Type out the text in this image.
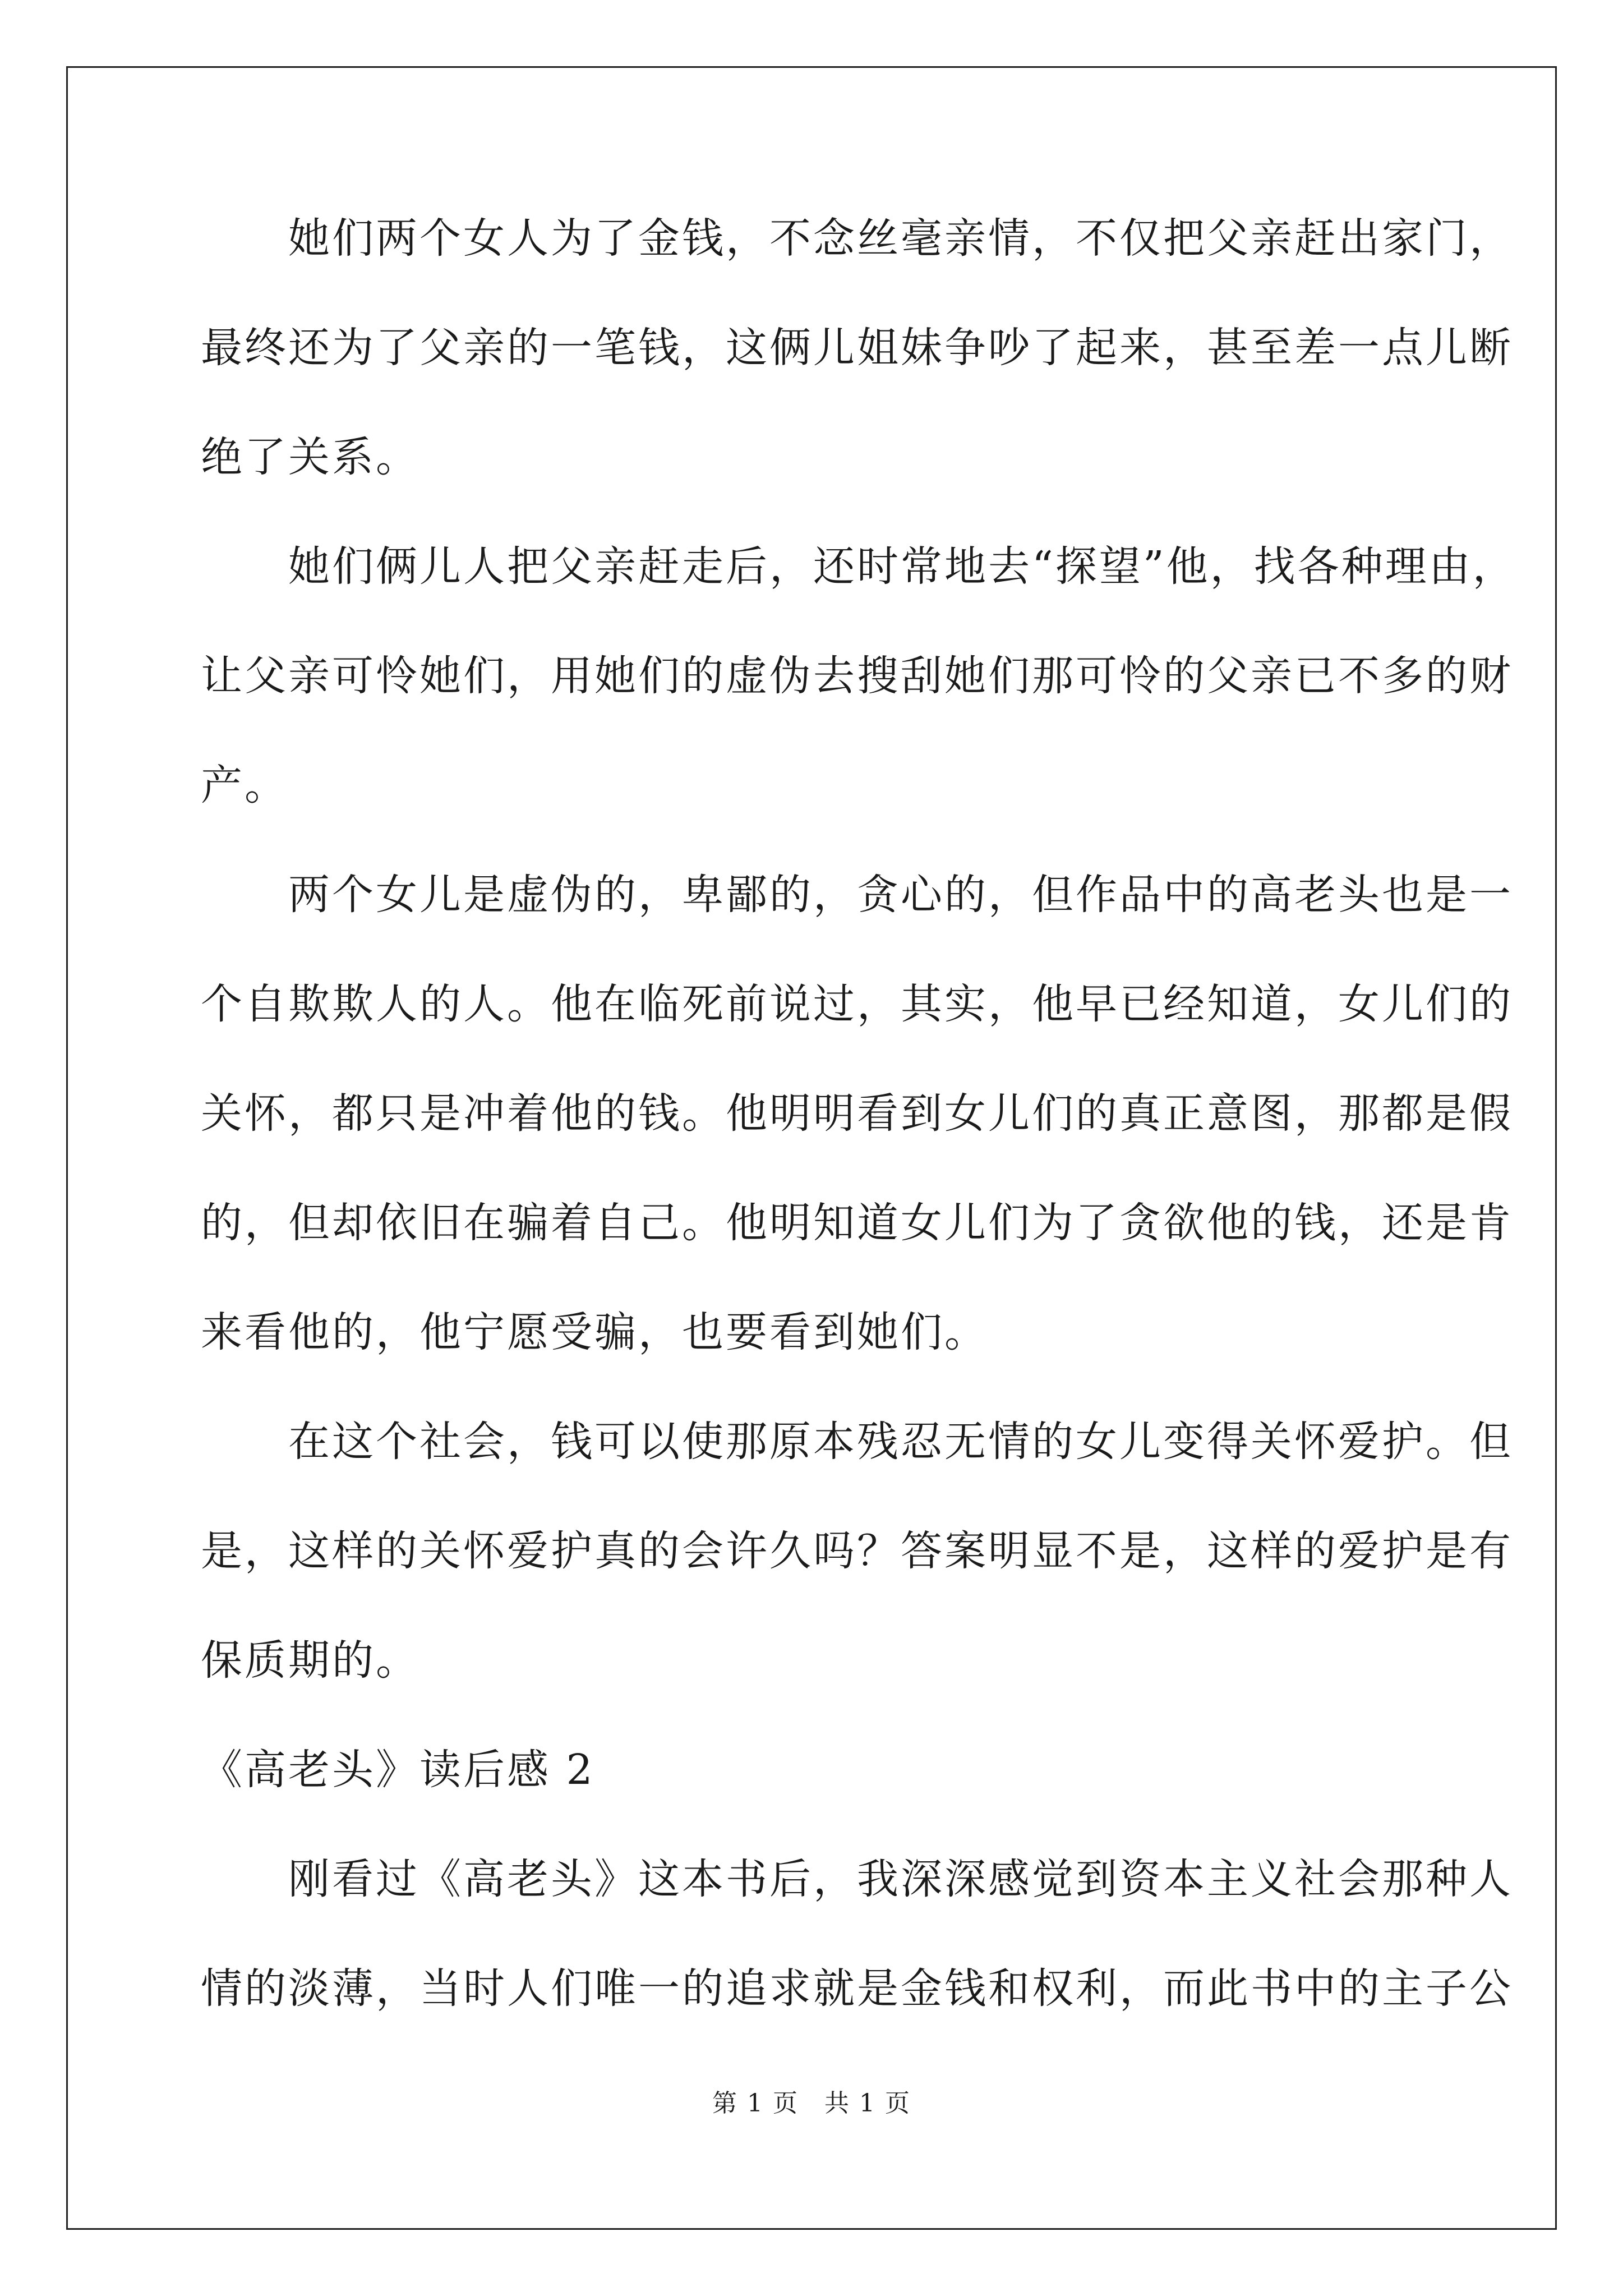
　　她们两个女人为了金钱，不念丝毫亲情，不仅把父亲赶出家门，
最终还为了父亲的一笔钱，这俩儿姐妹争吵了起来，甚至差一点儿断
绝了关系。
　　她们俩儿人把父亲赶走后，还时常地去“探望”他，找各种理由，
让父亲可怜她们，用她们的虚伪去搜刮她们那可怜的父亲已不多的财
产。
　　两个女儿是虚伪的，卑鄙的，贪心的，但作品中的高老头也是一
个自欺欺人的人。他在临死前说过，其实，他早已经知道，女儿们的
关怀，都只是冲着他的钱。他明明看到女儿们的真正意图，那都是假
的，但却依旧在骗着自己。他明知道女儿们为了贪欲他的钱，还是肯
来看他的，他宁愿受骗，也要看到她们。
　　在这个社会，钱可以使那原本残忍无情的女儿变得关怀爱护。但
是，这样的关怀爱护真的会许久吗？答案明显不是，这样的爱护是有
保质期的。
《高老头》读后感 2
　　刚看过《高老头》这本书后，我深深感觉到资本主义社会那种人
情的淡薄，当时人们唯一的追求就是金钱和权利，而此书中的主子公
第 1 页　共 1 页
